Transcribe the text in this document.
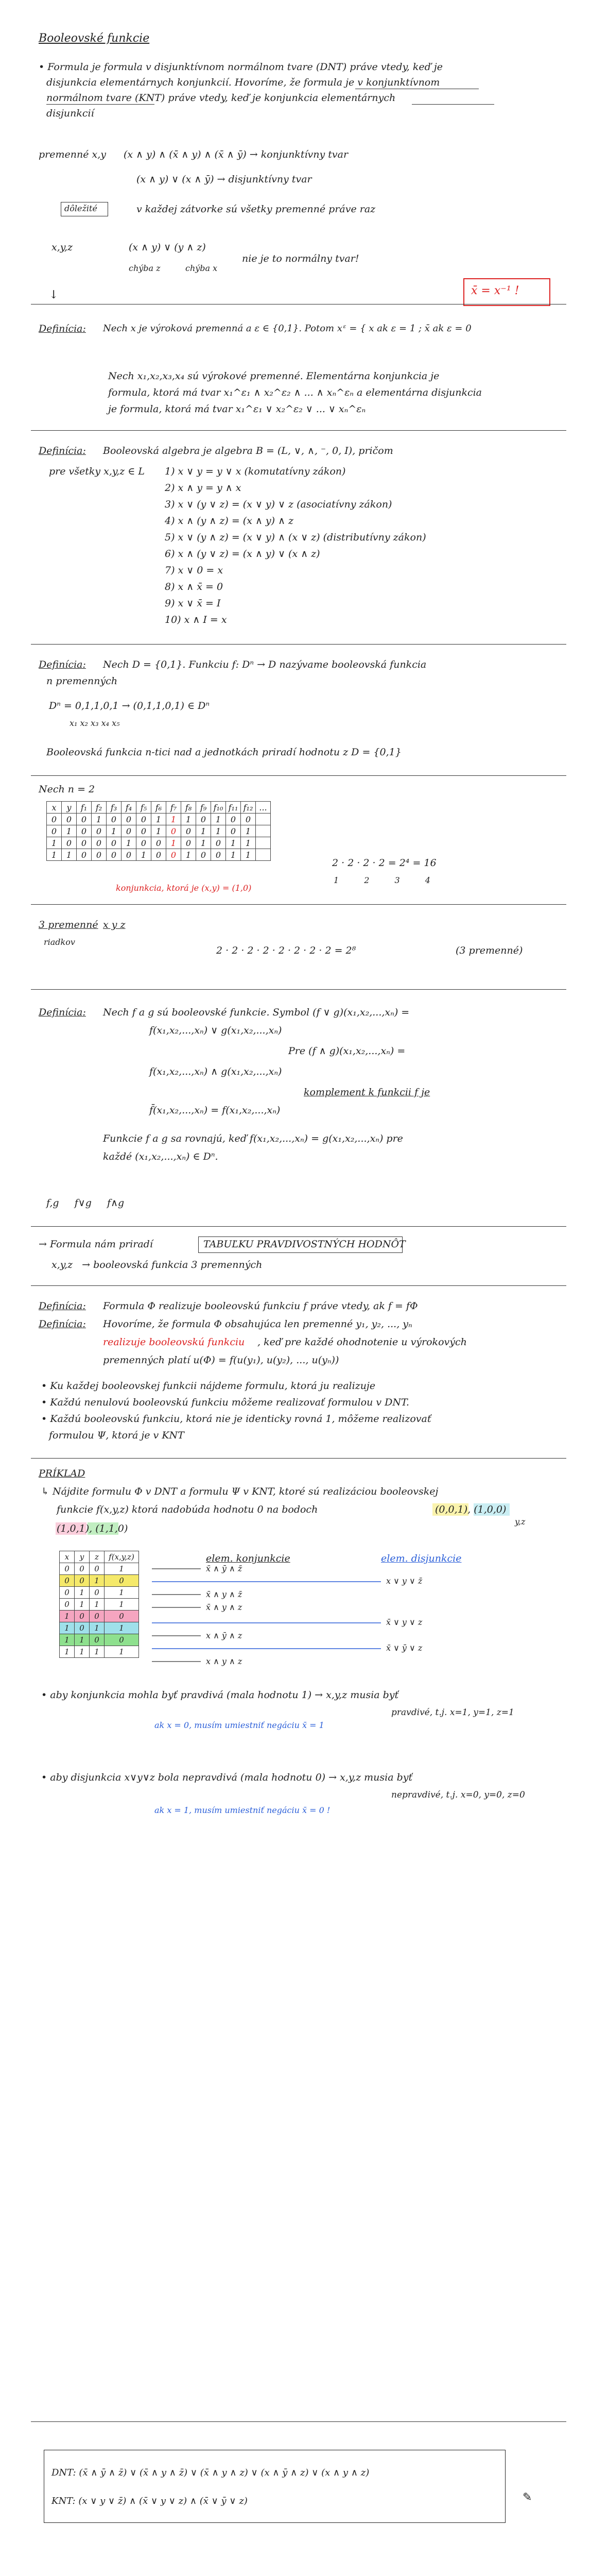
Booleovské funkcie
• Formula je formula v disjunktívnom normálnom tvare (DNT) práve vtedy, keď je
disjunkcia elementárnych konjunkcií. Hovoríme, že formula je v konjunktívnom
normálnom tvare (KNT) práve vtedy, keď je konjunkcia elementárnych
disjunkcií
premenné x,y (x ∧ y) ∧ (x̄ ∧ y) ∧ (x̄ ∧ ȳ) → konjunktívny tvar
(x ∧ y) ∨ (x ∧ ȳ) → disjunktívny tvar
dôležité	v každej zátvorke sú všetky premenné práve raz
x,y,z	(x ∧ y) ∨ (y ∧ z)
chýba z	chýba x
nie je to normálny tvar!
x̄ = x⁻¹ !
↓
Definícia: Nech x je výroková premenná a ε ∈ {0,1}. Potom xᵋ = { x ak ε = 1 ; x̄ ak ε = 0
Nech x₁,x₂,x₃,x₄ sú výrokové premenné. Elementárna konjunkcia je
formula, ktorá má tvar x₁^ε₁ ∧ x₂^ε₂ ∧ ... ∧ xₙ^εₙ a elementárna disjunkcia
je formula, ktorá má tvar x₁^ε₁ ∨ x₂^ε₂ ∨ ... ∨ xₙ^εₙ
Definícia: Booleovská algebra je algebra B = (L, ∨, ∧, ⁻, 0, I), pričom
pre všetky x,y,z ∈ L 1) x ∨ y = y ∨ x (komutatívny zákon)
2) x ∧ y = y ∧ x
3) x ∨ (y ∨ z) = (x ∨ y) ∨ z (asociatívny zákon)
4) x ∧ (y ∧ z) = (x ∧ y) ∧ z
5) x ∨ (y ∧ z) = (x ∨ y) ∧ (x ∨ z) (distributívny zákon)
6) x ∧ (y ∨ z) = (x ∧ y) ∨ (x ∧ z)
7) x ∨ 0 = x
8) x ∧ x̄ = 0
9) x ∨ x̄ = I
10) x ∧ I = x
Definícia: Nech D = {0,1}. Funkciu f: Dⁿ → D nazývame booleovská funkcia
n premenných
Dⁿ = 0,1,1,0,1 → (0,1,1,0,1) ∈ Dⁿ
x₁ x₂ x₃ x₄ x₅
Booleovská funkcia n-tici nad a jednotkách priradí hodnotu z D = {0,1}
Nech n = 2
x	y	f₁	f₂	f₃	f₄	f₅	f₆	f₇	f₈	f₉	f₁₀	f₁₁	f₁₂	...
0	0	0	1	0	0	0	1	1	1	0	1	0	0	
0	1	0	0	1	0	0	1	0	0	1	1	0	1	
1	0	0	0	0	1	0	0	1	0	1	0	1	1	
1	1	0	0	0	0	1	0	0	1	0	0	1	1	
konjunkcia, ktorá je (x,y) = (1,0)
2 · 2 · 2 · 2 = 2⁴ = 16
1 2 3 4
3 premenné x y z
riadkov
2 · 2 · 2 · 2 · 2 · 2 · 2 · 2 = 2⁸	(3 premenné)
Definícia: Nech f a g sú booleovské funkcie. Symbol (f ∨ g)(x₁,x₂,...,xₙ) =
f(x₁,x₂,...,xₙ) ∨ g(x₁,x₂,...,xₙ)
Pre (f ∧ g)(x₁,x₂,...,xₙ) =
f(x₁,x₂,...,xₙ) ∧ g(x₁,x₂,...,xₙ)
komplement k funkcii f je
f̄(x₁,x₂,...,xₙ) = f(x₁,x₂,...,xₙ)
Funkcie f a g sa rovnajú, keď f(x₁,x₂,...,xₙ) = g(x₁,x₂,...,xₙ) pre
každé (x₁,x₂,...,xₙ) ∈ Dⁿ.
f,g     f∨g     f∧g
→ Formula nám priradí	TABUĽKU PRAVDIVOSTNÝCH HODNÔT
x,y,z   → booleovská funkcia 3 premenných
Definícia: Formula Φ realizuje booleovskú funkciu f práve vtedy, ak f = fΦ
Definícia: Hovoríme, že formula Φ obsahujúca len premenné y₁, y₂, ..., yₙ
realizuje booleovskú funkciu , keď pre každé ohodnotenie u výrokových
premenných platí u(Φ) = f(u(y₁), u(y₂), ..., u(yₙ))
• Ku každej booleovskej funkcii nájdeme formulu, ktorá ju realizuje
• Každú nenulovú booleovskú funkciu môžeme realizovať formulou v DNT.
• Každú booleovskú funkciu, ktorá nie je identicky rovná 1, môžeme realizovať
formulou Ψ, ktorá je v KNT
PRÍKLAD
↳ Nájdite formulu Φ v DNT a formulu Ψ v KNT, ktoré sú realizáciou booleovskej
funkcie f(x,y,z) ktorá nadobúda hodnotu 0 na bodoch	(0,0,1), (1,0,0)
(1,0,1), (1,1,0)
y,z
x	y	z	f(x,y,z)
0	0	0	1
0	0	1	0
0	1	0	1
0	1	1	1
1	0	0	0
1	0	1	1
1	1	0	0
1	1	1	1
elem. konjunkcie	elem. disjunkcie
x̄ ∧ ȳ ∧ z̄
x̄ ∧ y ∧ z̄
x̄ ∧ y ∧ z
x ∧ ȳ ∧ z
x ∧ y ∧ z
x ∨ y ∨ z̄
x̄ ∨ y ∨ z
x̄ ∨ ȳ ∨ z
• aby konjunkcia mohla byť pravdivá (mala hodnotu 1) → x,y,z musia byť
pravdivé, t.j. x=1, y=1, z=1
ak x = 0, musím umiestniť negáciu x̄ = 1
• aby disjunkcia x∨y∨z bola nepravdivá (mala hodnotu 0) → x,y,z musia byť
nepravdivé, t.j. x=0, y=0, z=0
ak x = 1, musím umiestniť negáciu x̄ = 0 !
DNT: (x̄ ∧ ȳ ∧ z̄) ∨ (x̄ ∧ y ∧ z̄) ∨ (x̄ ∧ y ∧ z) ∨ (x ∧ ȳ ∧ z) ∨ (x ∧ y ∧ z)
KNT: (x ∨ y ∨ z̄) ∧ (x̄ ∨ y ∨ z) ∧ (x̄ ∨ ȳ ∨ z)	✎
